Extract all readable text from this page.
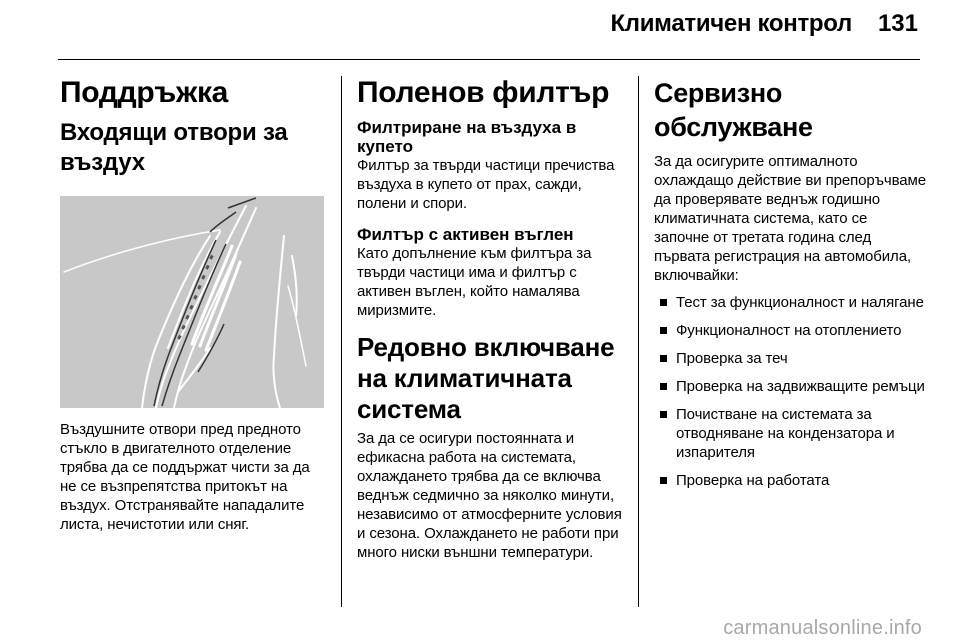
Климатичен контрол 131
Поддръжка
Входящи отвори за въздух

Въздушните отвори пред предното стъкло в двигателното отделение трябва да се поддържат чисти за да не се възпрепятства притокът на въздух. Отстранявайте нападалите листа, нечистотии или сняг.

Поленов филтър
Филтриране на въздуха в купето

Филтър за твърди частици пречиства въздуха в купето от прах, сажди, полени и спори.

Филтър с активен въглен

Като допълнение към филтъра за твърди частици има и филтър с активен въглен, който намалява миризмите.

Редовно включване на климатичната система

За да се осигури постоянната и ефикасна работа на системата, охлаждането трябва да се включва веднъж седмично за няколко минути, независимо от атмосферните условия и сезона. Охлаждането не работи при много ниски външни температури.

Сервизно обслужване

За да осигурите оптималното охлаждащо действие ви препоръчваме да проверявате веднъж годишно климатичната система, като се започне от третата година след първата регистрация на автомобила, включвайки:

Тест за функционалност и налягане
Функционалност на отоплението
Проверка за теч
Проверка на задвижващите ремъци
Почистване на системата за отводняване на кондензатора и изпарителя
Проверка на работата
carmanualsonline.info
